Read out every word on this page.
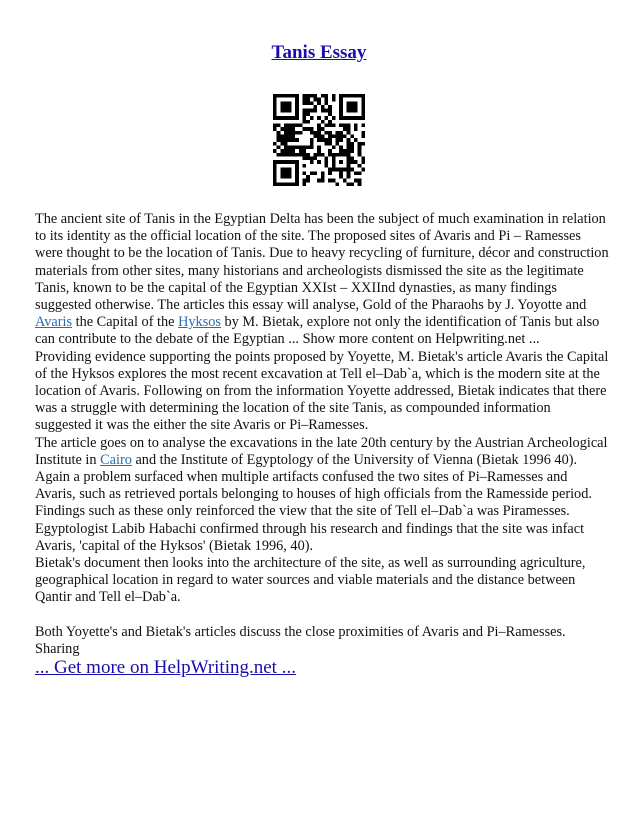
Tanis Essay

The ancient site of Tanis in the Egyptian Delta has been the subject of much examination in relation to its identity as the official location of the site. The proposed sites of Avaris and Pi – Ramesses were thought to be the location of Tanis. Due to heavy recycling of furniture, décor and construction materials from other sites, many historians and archeologists dismissed the site as the legitimate Tanis, known to be the capital of the Egyptian XXIst – XXIInd dynasties, as many findings suggested otherwise. The articles this essay will analyse, Gold of the Pharaohs by J. Yoyotte and Avaris the Capital of the Hyksos by M. Bietak, explore not only the identification of Tanis but also can contribute to the debate of the Egyptian ... Show more content on Helpwriting.net ...

Providing evidence supporting the points proposed by Yoyette, M. Bietak's article Avaris the Capital of the Hyksos explores the most recent excavation at Tell el–Dab`a, which is the modern site at the location of Avaris. Following on from the information Yoyette addressed, Bietak indicates that there was a struggle with determining the location of the site Tanis, as compounded information suggested it was the either the site Avaris or Pi–Ramesses.

The article goes on to analyse the excavations in the late 20th century by the Austrian Archeological Institute in Cairo and the Institute of Egyptology of the University of Vienna (Bietak 1996 40). Again a problem surfaced when multiple artifacts confused the two sites of Pi–Ramesses and Avaris, such as retrieved portals belonging to houses of high officials from the Ramesside period. Findings such as these only reinforced the view that the site of Tell el–Dab`a was Piramesses. Egyptologist Labib Habachi confirmed through his research and findings that the site was infact Avaris, 'capital of the Hyksos' (Bietak 1996, 40).

Bietak's document then looks into the architecture of the site, as well as surrounding agriculture, geographical location in regard to water sources and viable materials and the distance between Qantir and Tell el–Dab`a.

Both Yoyette's and Bietak's articles discuss the close proximities of Avaris and Pi–Ramesses. Sharing

... Get more on HelpWriting.net ...
